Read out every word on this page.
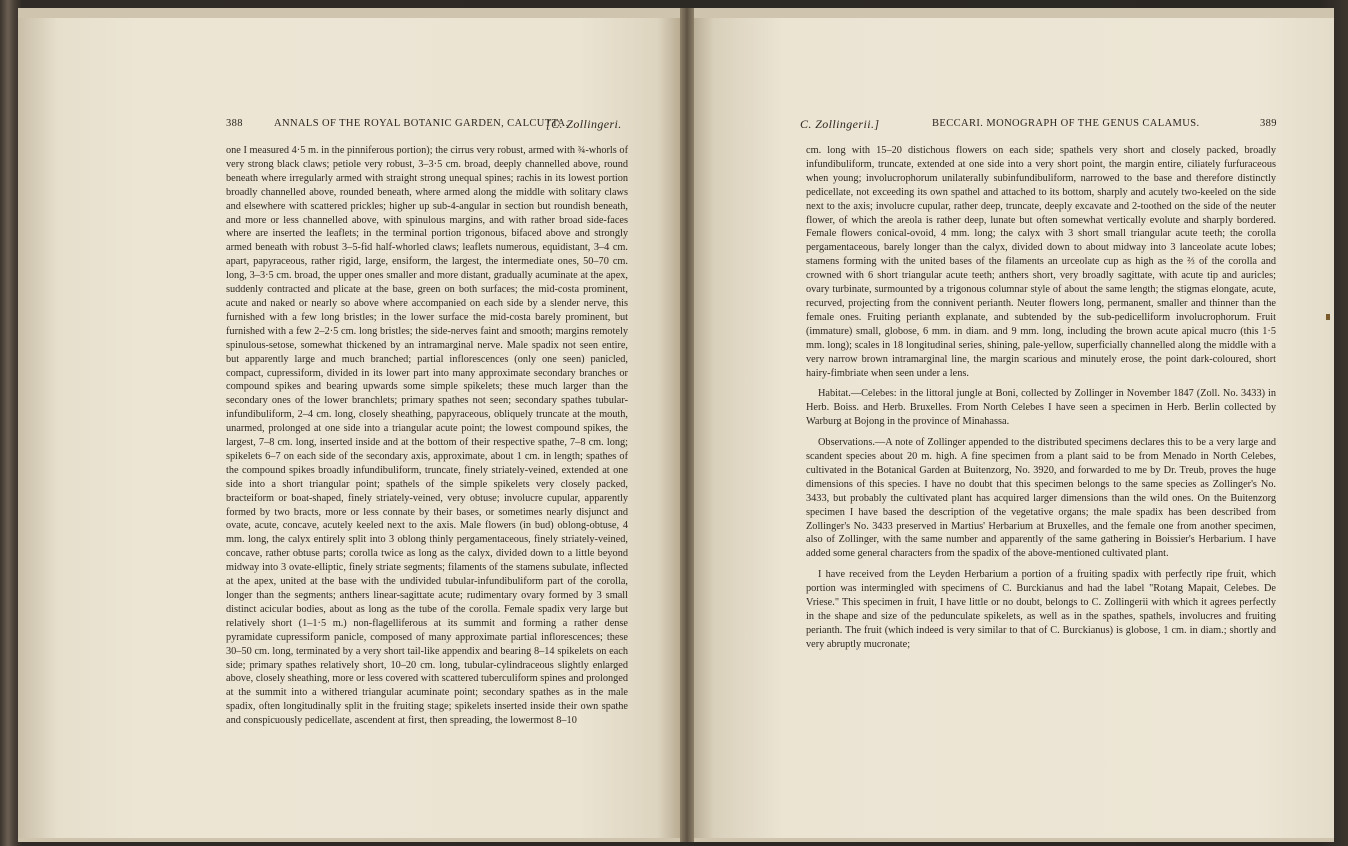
388	ANNALS OF THE ROYAL BOTANIC GARDEN, CALCUTTA.
[C. Zollingeri.

one I measured 4·5 m. in the pinniferous portion); the cirrus very robust, armed with ¾-whorls of very strong black claws; petiole very robust, 3–3·5 cm. broad, deeply channelled above, round beneath where irregularly armed with straight strong unequal spines; rachis in its lowest portion broadly channelled above, rounded beneath, where armed along the middle with solitary claws and elsewhere with scattered prickles; higher up sub-4-angular in section but roundish beneath, and more or less channelled above, with spinulous margins, and with rather broad side-faces where are inserted the leaflets; in the terminal portion trigonous, bifaced above and strongly armed beneath with robust 3–5-fid half-whorled claws; leaflets numerous, equidistant, 3–4 cm. apart, papyraceous, rather rigid, large, ensiform, the largest, the intermediate ones, 50–70 cm. long, 3–3·5 cm. broad, the upper ones smaller and more distant, gradually acuminate at the apex, suddenly contracted and plicate at the base, green on both surfaces; the mid-costa prominent, acute and naked or nearly so above where accompanied on each side by a slender nerve, this furnished with a few long bristles; in the lower surface the mid-costa barely prominent, but furnished with a few 2–2·5 cm. long bristles; the side-nerves faint and smooth; margins remotely spinulous-setose, somewhat thickened by an intramarginal nerve. Male spadix not seen entire, but apparently large and much branched; partial inflorescences (only one seen) panicled, compact, cupressiform, divided in its lower part into many approximate secondary branches or compound spikes and bearing upwards some simple spikelets; these much larger than the secondary ones of the lower branchlets; primary spathes not seen; secondary spathes tubular-infundibuliform, 2–4 cm. long, closely sheathing, papyraceous, obliquely truncate at the mouth, unarmed, prolonged at one side into a triangular acute point; the lowest compound spikes, the largest, 7–8 cm. long, inserted inside and at the bottom of their respective spathe, 7–8 cm. long; spikelets 6–7 on each side of the secondary axis, approximate, about 1 cm. in length; spathes of the compound spikes broadly infundibuliform, truncate, finely striately-veined, extended at one side into a short triangular point; spathels of the simple spikelets very closely packed, bracteiform or boat-shaped, finely striately-veined, very obtuse; involucre cupular, apparently formed by two bracts, more or less connate by their bases, or sometimes nearly disjunct and ovate, acute, concave, acutely keeled next to the axis. Male flowers (in bud) oblong-obtuse, 4 mm. long, the calyx entirely split into 3 oblong thinly pergamentaceous, finely striately-veined, concave, rather obtuse parts; corolla twice as long as the calyx, divided down to a little beyond midway into 3 ovate-elliptic, finely striate segments; filaments of the stamens subulate, inflected at the apex, united at the base with the undivided tubular-infundibuliform part of the corolla, longer than the segments; anthers linear-sagittate acute; rudimentary ovary formed by 3 small distinct acicular bodies, about as long as the tube of the corolla. Female spadix very large but relatively short (1–1·5 m.) non-flagelliferous at its summit and forming a rather dense pyramidate cupressiform panicle, composed of many approximate partial inflorescences; these 30–50 cm. long, terminated by a very short tail-like appendix and bearing 8–14 spikelets on each side; primary spathes relatively short, 10–20 cm. long, tubular-cylindraceous slightly enlarged above, closely sheathing, more or less covered with scattered tuberculiform spines and prolonged at the summit into a withered triangular acuminate point; secondary spathes as in the male spadix, often longitudinally split in the fruiting stage; spikelets inserted inside their own spathe and conspicuously pedicellate, ascendent at first, then spreading, the lowermost 8–10

C. Zollingerii.]	BECCARI. MONOGRAPH OF THE GENUS CALAMUS.	389

cm. long with 15–20 distichous flowers on each side; spathels very short and closely packed, broadly infundibuliform, truncate, extended at one side into a very short point, the margin entire, ciliately furfuraceous when young; involucrophorum unilaterally subinfundibuliform, narrowed to the base and therefore distinctly pedicellate, not exceeding its own spathel and attached to its bottom, sharply and acutely two-keeled on the side next to the axis; involucre cupular, rather deep, truncate, deeply excavate and 2-toothed on the side of the neuter flower, of which the areola is rather deep, lunate but often somewhat vertically evolute and sharply bordered. Female flowers conical-ovoid, 4 mm. long; the calyx with 3 short small triangular acute teeth; the corolla pergamentaceous, barely longer than the calyx, divided down to about midway into 3 lanceolate acute lobes; stamens forming with the united bases of the filaments an urceolate cup as high as the ⅔ of the corolla and crowned with 6 short triangular acute teeth; anthers short, very broadly sagittate, with acute tip and auricles; ovary turbinate, surmounted by a trigonous columnar style of about the same length; the stigmas elongate, acute, recurved, projecting from the connivent perianth. Neuter flowers long, permanent, smaller and thinner than the female ones. Fruiting perianth explanate, and subtended by the sub-pedicelliform involucrophorum. Fruit (immature) small, globose, 6 mm. in diam. and 9 mm. long, including the brown acute apical mucro (this 1·5 mm. long); scales in 18 longitudinal series, shining, pale-yellow, superficially channelled along the middle with a very narrow brown intramarginal line, the margin scarious and minutely erose, the point dark-coloured, short hairy-fimbriate when seen under a lens.

Habitat.—Celebes: in the littoral jungle at Boni, collected by Zollinger in November 1847 (Zoll. No. 3433) in Herb. Boiss. and Herb. Bruxelles. From North Celebes I have seen a specimen in Herb. Berlin collected by Warburg at Bojong in the province of Minahassa.

Observations.—A note of Zollinger appended to the distributed specimens declares this to be a very large and scandent species about 20 m. high. A fine specimen from a plant said to be from Menado in North Celebes, cultivated in the Botanical Garden at Buitenzorg, No. 3920, and forwarded to me by Dr. Treub, proves the huge dimensions of this species. I have no doubt that this specimen belongs to the same species as Zollinger's No. 3433, but probably the cultivated plant has acquired larger dimensions than the wild ones. On the Buitenzorg specimen I have based the description of the vegetative organs; the male spadix has been described from Zollinger's No. 3433 preserved in Martius' Herbarium at Bruxelles, and the female one from another specimen, also of Zollinger, with the same number and apparently of the same gathering in Boissier's Herbarium. I have added some general characters from the spadix of the above-mentioned cultivated plant.

I have received from the Leyden Herbarium a portion of a fruiting spadix with perfectly ripe fruit, which portion was intermingled with specimens of C. Burckianus and had the label "Rotang Mapait, Celebes. De Vriese." This specimen in fruit, I have little or no doubt, belongs to C. Zollingerii with which it agrees perfectly in the shape and size of the pedunculate spikelets, as well as in the spathes, spathels, involucres and fruiting perianth. The fruit (which indeed is very similar to that of C. Burckianus) is globose, 1 cm. in diam.; shortly and very abruptly mucronate;
